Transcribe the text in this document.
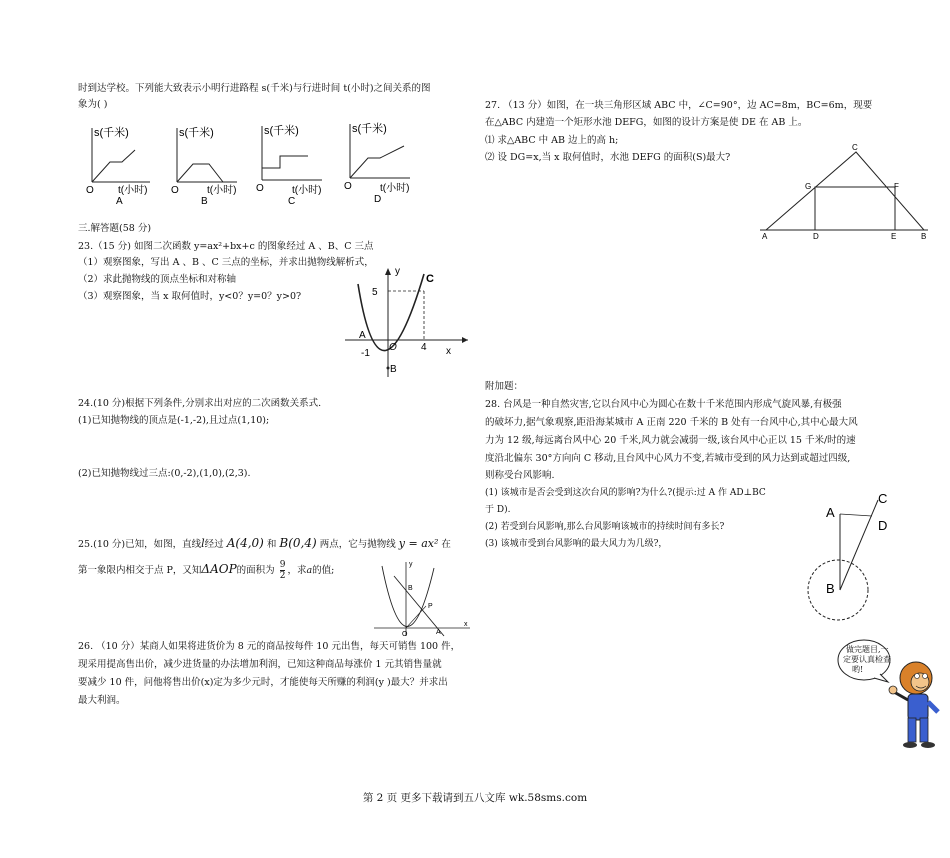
时到达学校。下列能大致表示小明行进路程 s(千米)与行进时间 t(小时)之间关系的图
象为( )
s(千米)
t(小时)
O
A
s(千米)
t(小时)
O
B
s(千米)
t(小时)
O
C
s(千米)
t(小时)
O
D
三.解答题(58 分)
23.（15 分) 如图二次函数 y=ax²+bx+c 的图象经过 A 、B、C 三点
（1）观察图象，写出 A 、B 、C 三点的坐标，并求出抛物线解析式，
（2）求此抛物线的顶点坐标和对称轴
（3）观察图象，当 x 取何值时，y<0？y=0？y>0?
y
x
C
5
A
O
-1
4
B
24.(10 分)根据下列条件,分别求出对应的二次函数关系式.
(1)已知抛物线的顶点是(-1,-2),且过点(1,10);
(2)已知抛物线过三点:(0,-2),(1,0),(2,3).
25.(10 分)已知，如图，直线l经过 A(4,0) 和 B(0,4) 两点，它与抛物线 y = ax² 在
第一象限内相交于点 P，又知ΔAOP的面积为 $\frac{9}{2}$ ，求a的值;
y
x
B
P
O	A
26. （10 分）某商人如果将进货价为 8 元的商品按每件 10 元出售，每天可销售 100 件，
现采用提高售出价，减少进货量的办法增加利润，已知这种商品每涨价 1 元其销售量就
要减少 10 件，问他将售出价(x)定为多少元时，才能使每天所赚的利润(y )最大？并求出
最大利润。
27. （13 分）如图，在一块三角形区域 ABC 中，∠C=90°，边 AC=8m，BC=6m，现要
在△ABC 内建造一个矩形水池 DEFG，如图的设计方案是使 DE 在 AB 上。
⑴ 求△ABC 中 AB 边上的高 h;
⑵ 设 DG=x,当 x 取何值时，水池 DEFG 的面积(S)最大?
C
G	F
A	D	E	B
附加题：
28. 台风是一种自然灾害,它以台风中心为圆心在数十千米范围内形成气旋风暴,有极强
的破坏力,据气象观察,距沿海某城市 A 正南 220 千米的 B 处有一台风中心,其中心最大风
力为 12 级,每远离台风中心 20 千米,风力就会减弱一级,该台风中心正以 15 千米/时的速
度沿北偏东 30°方向向 C 移动,且台风中心风力不变,若城市受到的风力达到或超过四级,
则称受台风影响.
(1) 该城市是否会受到这次台风的影响?为什么?(提示:过 A 作 AD⊥BC
于 D).
(2) 若受到台风影响,那么台风影响该城市的持续时间有多长?
(3) 该城市受到台风影响的最大风力为几级?，
A
C
D
B
做完题目,一
定要认真检查
哟!
第 2 页 更多下载请到五八文库 wk.58sms.com
